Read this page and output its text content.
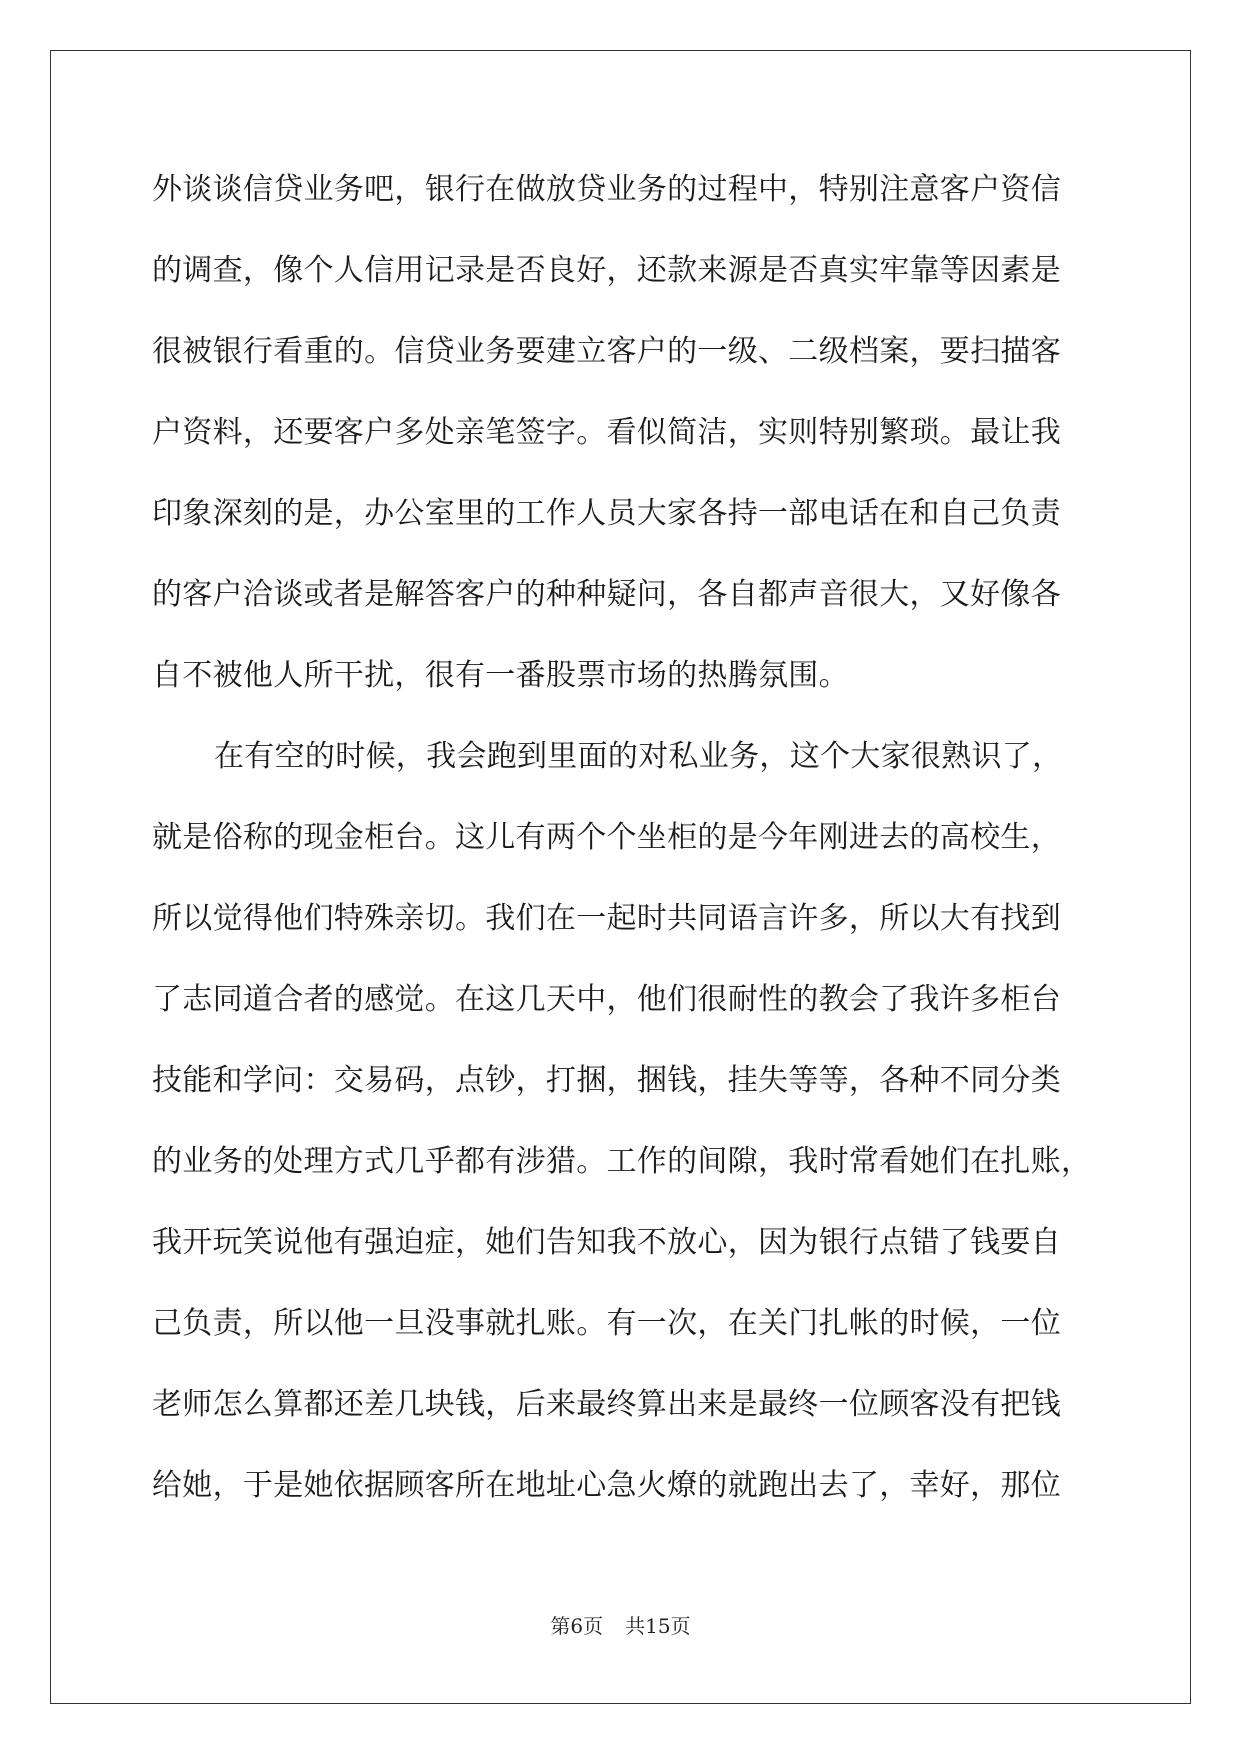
外谈谈信贷业务吧，银行在做放贷业务的过程中，特别注意客户资信
的调查，像个人信用记录是否良好，还款来源是否真实牢靠等因素是
很被银行看重的。信贷业务要建立客户的一级、二级档案，要扫描客
户资料，还要客户多处亲笔签字。看似简洁，实则特别繁琐。最让我
印象深刻的是，办公室里的工作人员大家各持一部电话在和自己负责
的客户洽谈或者是解答客户的种种疑问，各自都声音很大，又好像各
自不被他人所干扰，很有一番股票市场的热腾氛围。
在有空的时候，我会跑到里面的对私业务，这个大家很熟识了，
就是俗称的现金柜台。这儿有两个个坐柜的是今年刚进去的高校生，
所以觉得他们特殊亲切。我们在一起时共同语言许多，所以大有找到
了志同道合者的感觉。在这几天中，他们很耐性的教会了我许多柜台
技能和学问：交易码，点钞，打捆，捆钱，挂失等等，各种不同分类
的业务的处理方式几乎都有涉猎。工作的间隙，我时常看她们在扎账，
我开玩笑说他有强迫症，她们告知我不放心，因为银行点错了钱要自
己负责，所以他一旦没事就扎账。有一次，在关门扎帐的时候，一位
老师怎么算都还差几块钱，后来最终算出来是最终一位顾客没有把钱
给她，于是她依据顾客所在地址心急火燎的就跑出去了，幸好，那位
第6页 共15页
